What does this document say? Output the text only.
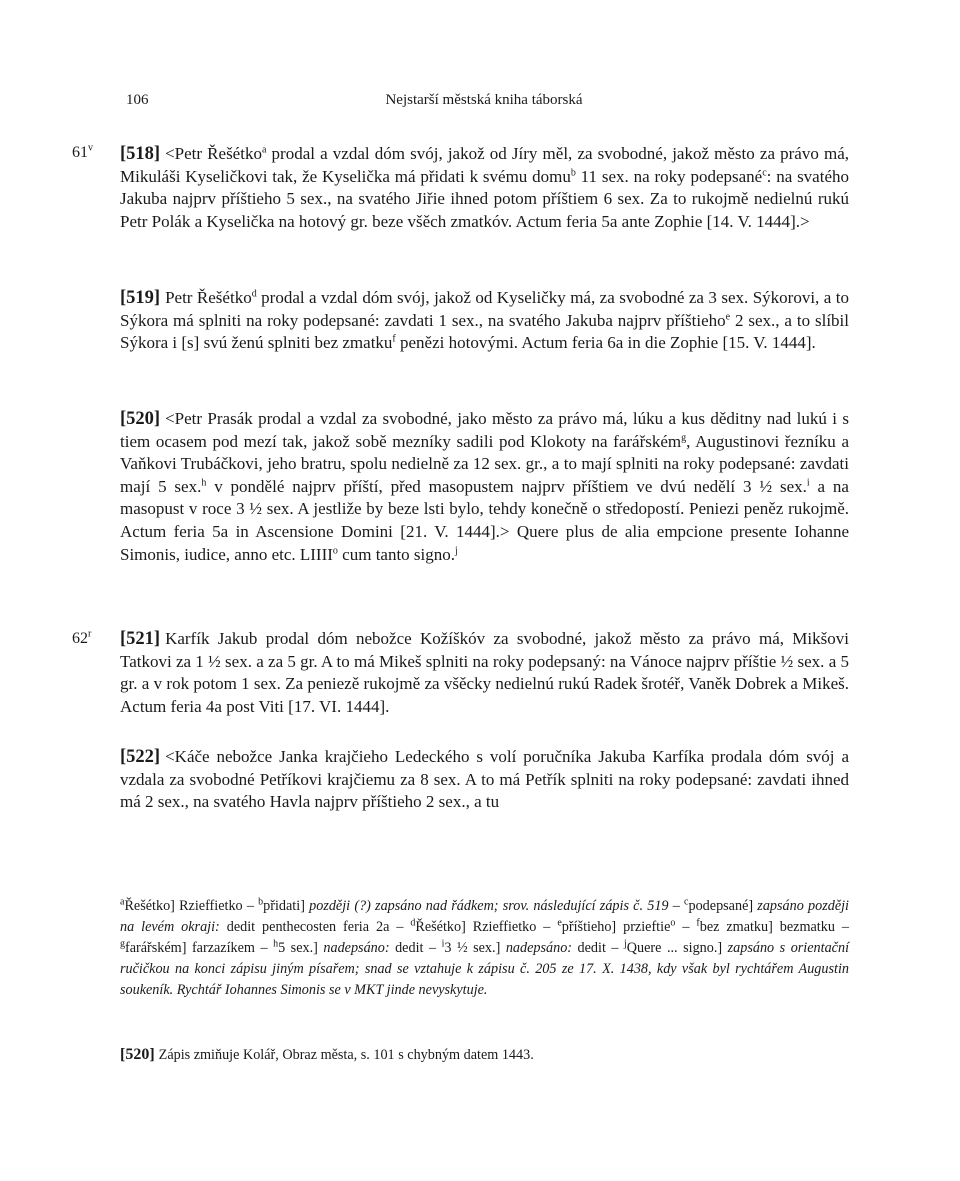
106	Nejstarší městská kniha táborská
61$^v$
62$^r$
[518] <Petr Řešétko$^a$ prodal a vzdal dóm svój, jakož od Jíry měl, za svobodné, jakož město za právo má, Mikuláši Kyseličkovi tak, že Kyselička má přidati k svému domu$^b$ 11 sex. na roky podepsané$^c$: na svatého Jakuba najprv příštieho 5 sex., na svatého Jiřie ihned potom příštiem 6 sex. Za to rukojmě nedielnú rukú Petr Polák a Kyselička na hotový gr. beze všěch zmatkóv. Actum feria 5a ante Zophie [14. V. 1444].>
[519] Petr Řešétko$^d$ prodal a vzdal dóm svój, jakož od Kyseličky má, za svobodné za 3 sex. Sýkorovi, a to Sýkora má splniti na roky podepsané: zavdati 1 sex., na svatého Jakuba najprv příštieho$^e$ 2 sex., a to slíbil Sýkora i [s] svú ženú splniti bez zmatku$^f$ penězi hotovými. Actum feria 6a in die Zophie [15. V. 1444].
[520] <Petr Prasák prodal a vzdal za svobodné, jako město za právo má, lúku a kus děditny nad lukú i s tiem ocasem pod mezí tak, jakož sobě mezníky sadili pod Klokoty na farářském$^g$, Augustinovi řezníku a Vaňkovi Trubáčkovi, jeho bratru, spolu nedielně za 12 sex. gr., a to mají splniti na roky podepsané: zavdati mají 5 sex.$^h$ v pondělé najprv příští, před masopustem najprv příštiem ve dvú nedělí 3 ½ sex.$^i$ a na masopust v roce 3 ½ sex. A jestliže by beze lsti bylo, tehdy konečně o středopostí. Peniezi peněz rukojmě. Actum feria 5a in Ascensione Domini [21. V. 1444].> Quere plus de alia empcione presente Iohanne Simonis, iudice, anno etc. LIIII$^o$ cum tanto signo.$^j$
[521] Karfík Jakub prodal dóm nebožce Kožíškóv za svobodné, jakož město za právo má, Mikšovi Tatkovi za 1 ½ sex. a za 5 gr. A to má Mikeš splniti na roky podepsaný: na Vánoce najprv příštie ½ sex. a 5 gr. a v rok potom 1 sex. Za peniezě rukojmě za všěcky nedielnú rukú Radek šrotéř, Vaněk Dobrek a Mikeš. Actum feria 4a post Viti [17. VI. 1444].
[522] <Káče nebožce Janka krajčieho Ledeckého s volí poručníka Jakuba Karfíka prodala dóm svój a vzdala za svobodné Petříkovi krajčiemu za 8 sex. A to má Petřík splniti na roky podepsané: zavdati ihned má 2 sex., na svatého Havla najprv příštieho 2 sex., a tu

$^a$Řešétko] Rzieffietko – $^b$přidati] později (?) zapsáno nad řádkem; srov. následující zápis č. 519 – $^c$podepsané] zapsáno později na levém okraji: dedit penthecosten feria 2a – $^d$Řešétko] Rzieffietko – $^e$příštieho] przieftie$^o$ – $^f$bez zmatku] bezmatku – $^g$farářském] farzazíkem – $^h$5 sex.] nadepsáno: dedit – $^i$3 ½ sex.] nadepsáno: dedit – $^j$Quere ... signo.] zapsáno s orientační ručičkou na konci zápisu jiným písařem; snad se vztahuje k zápisu č. 205 ze 17. X. 1438, kdy však byl rychtářem Augustin soukeník. Rychtář Iohannes Simonis se v MKT jinde nevyskytuje.

[520] Zápis zmiňuje Kolář, Obraz města, s. 101 s chybným datem 1443.
